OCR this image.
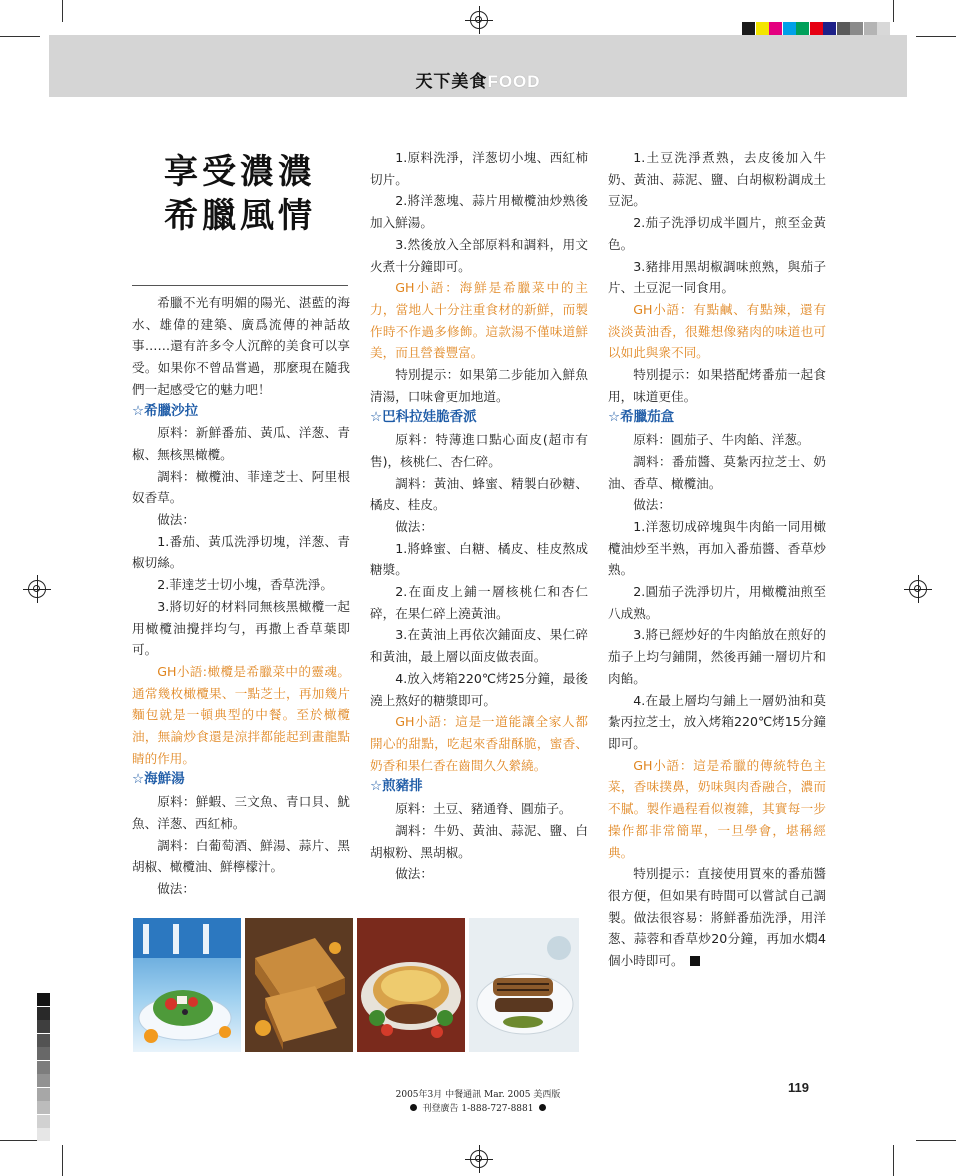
天下美食FOOD
享受濃濃
希臘風情

希臘不光有明媚的陽光、湛藍的海水、雄偉的建築、廣爲流傳的神話故事……還有許多令人沉醉的美食可以享受。如果你不曾品嘗過，那麼現在隨我們一起感受它的魅力吧！

☆希臘沙拉

原料：新鮮番茄、黃瓜、洋葱、青椒、無核黑橄欖。

調料：橄欖油、菲達芝士、阿里根奴香草。

做法：

1.番茄、黃瓜洗淨切塊，洋葱、青椒切絲。

2.菲達芝士切小塊，香草洗淨。

3.將切好的材料同無核黑橄欖一起用橄欖油攪拌均勻，再撒上香草葉即可。

GH小語:橄欖是希臘菜中的靈魂。通常幾枚橄欖果、一點芝士，再加幾片麵包就是一頓典型的中餐。至於橄欖油，無論炒食還是涼拌都能起到畫龍點睛的作用。

☆海鮮湯

原料：鮮蝦、三文魚、青口貝、魷魚、洋葱、西紅柿。

調料：白葡萄酒、鮮湯、蒜片、黑胡椒、橄欖油、鮮檸檬汁。

做法：

1.原料洗淨，洋葱切小塊、西紅柿切片。

2.將洋葱塊、蒜片用橄欖油炒熟後加入鮮湯。

3.然後放入全部原料和調料，用文火煮十分鐘即可。

GH小語：海鮮是希臘菜中的主力，當地人十分注重食材的新鮮，而製作時不作過多修飾。這款湯不僅味道鮮美，而且營養豐富。

特別提示：如果第二步能加入鮮魚清湯，口味會更加地道。

☆巴科拉娃脆香派

原料：特薄進口點心面皮(超市有售)，核桃仁、杏仁碎。

調料：黃油、蜂蜜、精製白砂糖、橘皮、桂皮。

做法：

1.將蜂蜜、白糖、橘皮、桂皮熬成糖漿。

2.在面皮上鋪一層核桃仁和杏仁碎，在果仁碎上澆黃油。

3.在黃油上再依次鋪面皮、果仁碎和黃油，最上層以面皮做表面。

4.放入烤箱220℃烤25分鐘，最後澆上熬好的糖漿即可。

GH小語：這是一道能讓全家人都開心的甜點，吃起來香甜酥脆，蜜香、奶香和果仁香在齒間久久縈繞。

☆煎豬排

原料：土豆、豬通脊、圓茄子。

調料：牛奶、黃油、蒜泥、鹽、白胡椒粉、黑胡椒。

做法：

1.土豆洗淨煮熟，去皮後加入牛奶、黃油、蒜泥、鹽、白胡椒粉調成土豆泥。

2.茄子洗淨切成半圓片，煎至金黃色。

3.豬排用黑胡椒調味煎熟，與茄子片、土豆泥一同食用。

GH小語：有點鹹、有點辣，還有淡淡黃油香，很難想像豬肉的味道也可以如此與衆不同。

特別提示：如果搭配烤番茄一起食用，味道更佳。

☆希臘茄盒

原料：圓茄子、牛肉餡、洋葱。

調料：番茄醬、莫紮丙拉芝士、奶油、香草、橄欖油。

做法：

1.洋葱切成碎塊與牛肉餡一同用橄欖油炒至半熟，再加入番茄醬、香草炒熟。

2.圓茄子洗淨切片，用橄欖油煎至八成熟。

3.將已經炒好的牛肉餡放在煎好的茄子上均勻鋪開，然後再鋪一層切片和肉餡。

4.在最上層均勻鋪上一層奶油和莫紮丙拉芝士，放入烤箱220℃烤15分鐘即可。

GH小語：這是希臘的傳統特色主菜，香味撲鼻，奶味與肉香融合，濃而不膩。製作過程看似複雜，其實每一步操作都非常簡單，一旦學會，堪稱經典。

特別提示：直接使用買來的番茄醬很方便，但如果有時間可以嘗試自己調製。做法很容易：將鮮番茄洗淨，用洋葱、蒜蓉和香草炒20分鐘，再加水燜4個小時即可。

2005年3月 中餐通訊 Mar. 2005 美西版
刊登廣告 1-888-727-8881
119
